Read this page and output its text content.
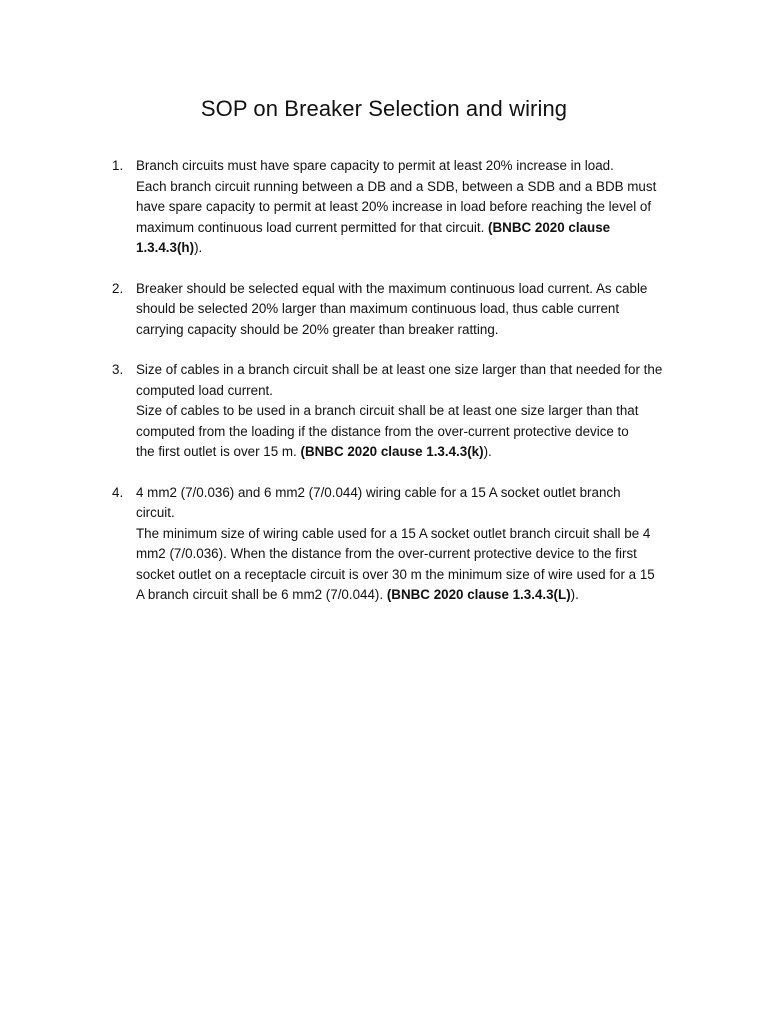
SOP on Breaker Selection and wiring
1. Branch circuits must have spare capacity to permit at least 20% increase in load.
Each branch circuit running between a DB and a SDB, between a SDB and a BDB must
have spare capacity to permit at least 20% increase in load before reaching the level of
maximum continuous load current permitted for that circuit. (BNBC 2020 clause
1.3.4.3(h)).
2. Breaker should be selected equal with the maximum continuous load current. As cable
should be selected 20% larger than maximum continuous load, thus cable current
carrying capacity should be 20% greater than breaker ratting.
3. Size of cables in a branch circuit shall be at least one size larger than that needed for the
computed load current.
Size of cables to be used in a branch circuit shall be at least one size larger than that
computed from the loading if the distance from the over-current protective device to
the first outlet is over 15 m. (BNBC 2020 clause 1.3.4.3(k)).
4. 4 mm2 (7/0.036) and 6 mm2 (7/0.044) wiring cable for a 15 A socket outlet branch
circuit.
The minimum size of wiring cable used for a 15 A socket outlet branch circuit shall be 4
mm2 (7/0.036). When the distance from the over-current protective device to the first
socket outlet on a receptacle circuit is over 30 m the minimum size of wire used for a 15
A branch circuit shall be 6 mm2 (7/0.044). (BNBC 2020 clause 1.3.4.3(L)).
